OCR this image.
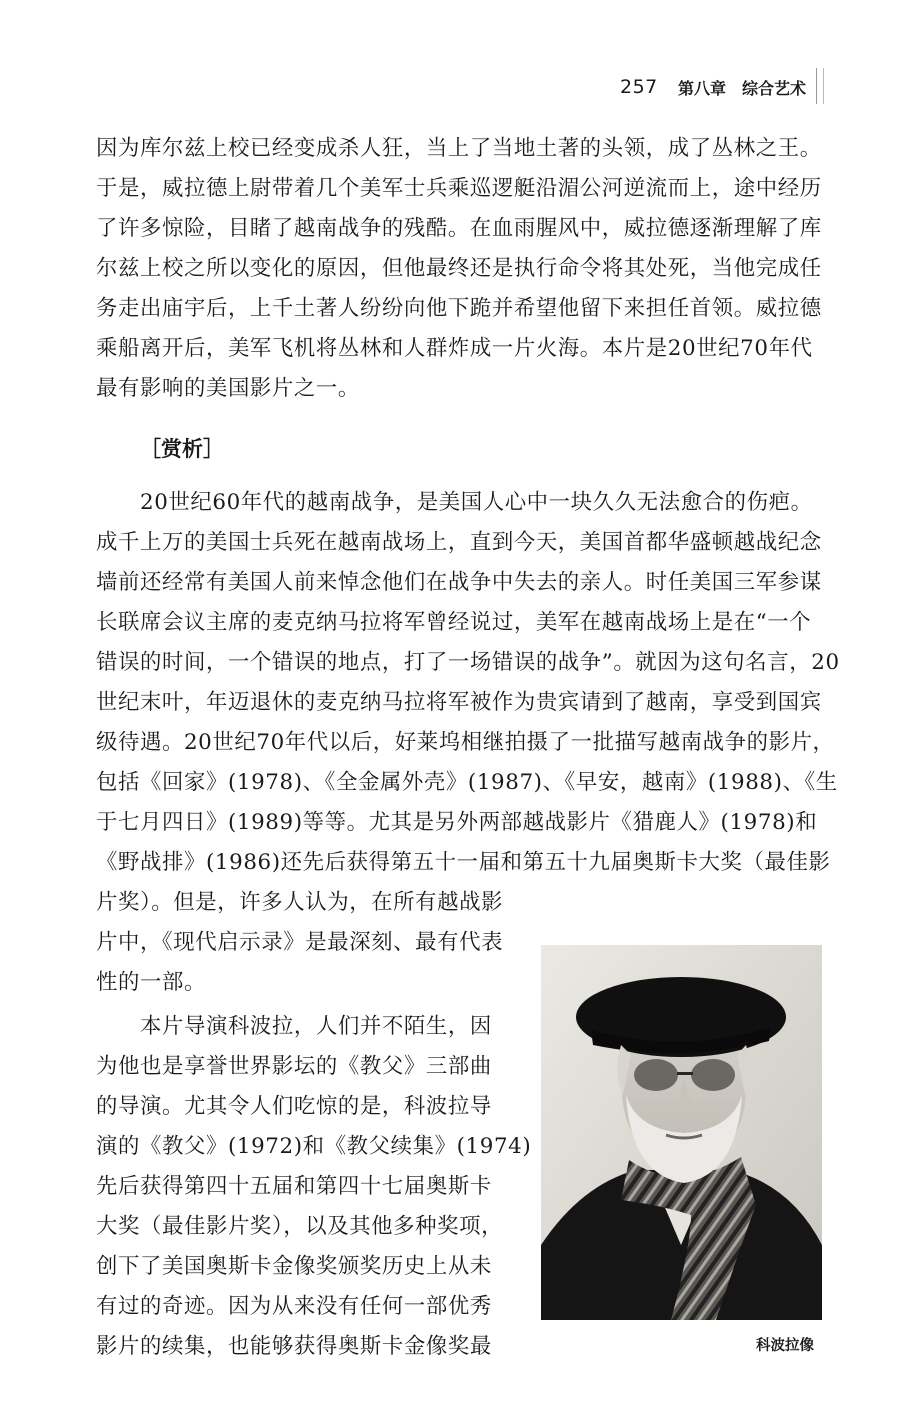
257 第八章　综合艺术
因为库尔兹上校已经变成杀人狂，当上了当地土著的头领，成了丛林之王。
于是，威拉德上尉带着几个美军士兵乘巡逻艇沿湄公河逆流而上，途中经历
了许多惊险，目睹了越南战争的残酷。在血雨腥风中，威拉德逐渐理解了库
尔兹上校之所以变化的原因，但他最终还是执行命令将其处死，当他完成任
务走出庙宇后，上千土著人纷纷向他下跪并希望他留下来担任首领。威拉德
乘船离开后，美军飞机将丛林和人群炸成一片火海。本片是20世纪70年代
最有影响的美国影片之一。
［赏析］
　　20世纪60年代的越南战争，是美国人心中一块久久无法愈合的伤疤。
成千上万的美国士兵死在越南战场上，直到今天，美国首都华盛顿越战纪念
墙前还经常有美国人前来悼念他们在战争中失去的亲人。时任美国三军参谋
长联席会议主席的麦克纳马拉将军曾经说过，美军在越南战场上是在“一个
错误的时间，一个错误的地点，打了一场错误的战争”。就因为这句名言，20
世纪末叶，年迈退休的麦克纳马拉将军被作为贵宾请到了越南，享受到国宾
级待遇。20世纪70年代以后，好莱坞相继拍摄了一批描写越南战争的影片，
包括《回家》(1978)、《全金属外壳》(1987)、《早安，越南》(1988)、《生
于七月四日》(1989)等等。尤其是另外两部越战影片《猎鹿人》(1978)和
《野战排》(1986)还先后获得第五十一届和第五十九届奥斯卡大奖（最佳影
片奖）。但是，许多人认为，在所有越战影
片中，《现代启示录》是最深刻、最有代表
性的一部。
　　本片导演科波拉，人们并不陌生，因
为他也是享誉世界影坛的《教父》三部曲
的导演。尤其令人们吃惊的是，科波拉导
演的《教父》(1972)和《教父续集》(1974)
先后获得第四十五届和第四十七届奥斯卡
大奖（最佳影片奖），以及其他多种奖项，
创下了美国奥斯卡金像奖颁奖历史上从未
有过的奇迹。因为从来没有任何一部优秀
影片的续集，也能够获得奥斯卡金像奖最	科波拉像
